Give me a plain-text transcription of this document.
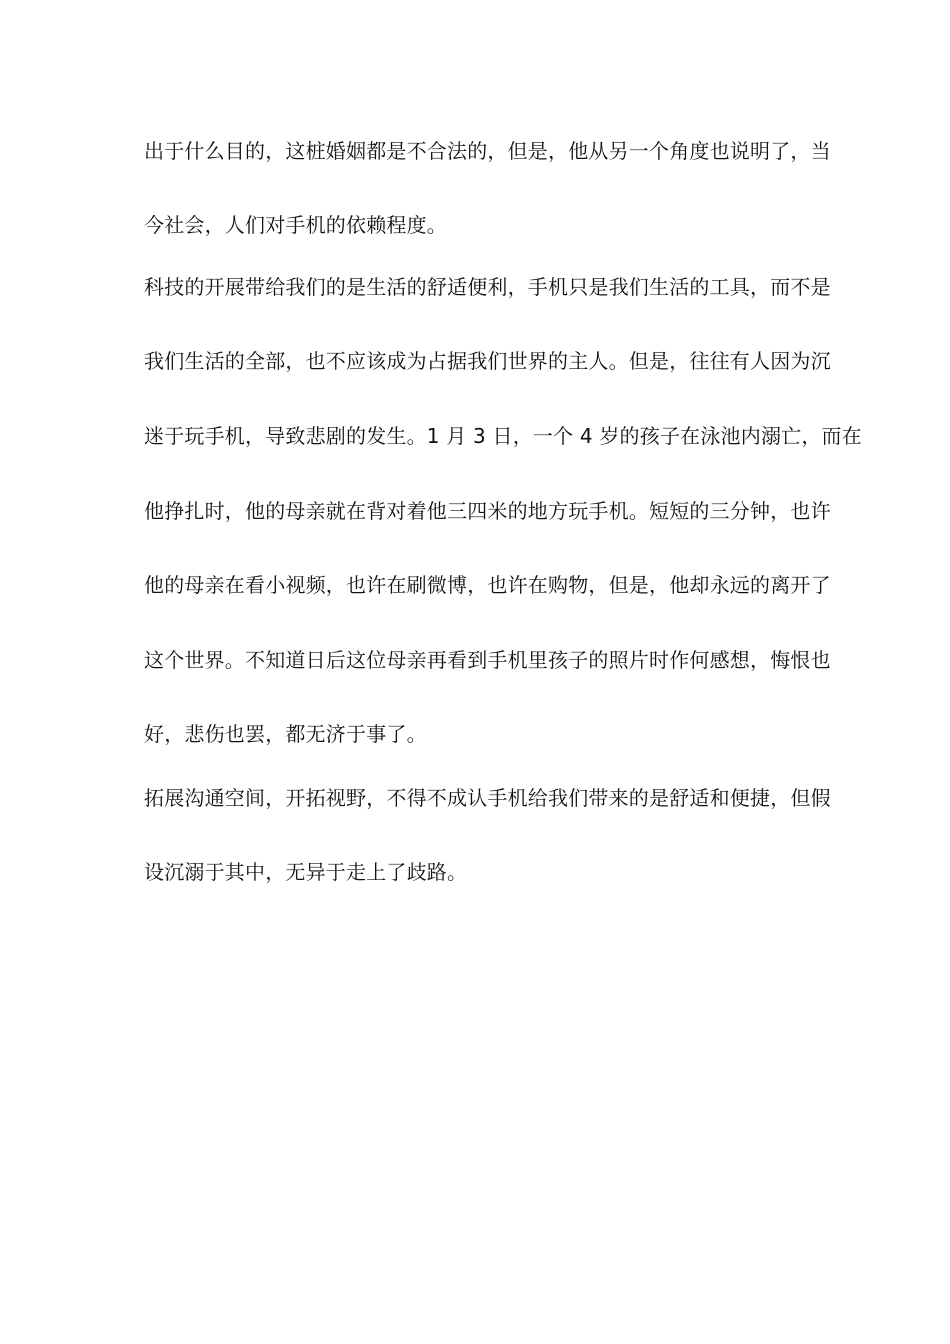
出于什么目的，这桩婚姻都是不合法的，但是，他从另一个角度也说明了，当
今社会，人们对手机的依赖程度。
科技的开展带给我们的是生活的舒适便利，手机只是我们生活的工具，而不是
我们生活的全部，也不应该成为占据我们世界的主人。但是，往往有人因为沉
迷于玩手机，导致悲剧的发生。1 月 3 日，一个 4 岁的孩子在泳池内溺亡，而在
他挣扎时，他的母亲就在背对着他三四米的地方玩手机。短短的三分钟，也许
他的母亲在看小视频，也许在刷微博，也许在购物，但是，他却永远的离开了
这个世界。不知道日后这位母亲再看到手机里孩子的照片时作何感想，悔恨也
好，悲伤也罢，都无济于事了。
拓展沟通空间，开拓视野，不得不成认手机给我们带来的是舒适和便捷，但假
设沉溺于其中，无异于走上了歧路。
